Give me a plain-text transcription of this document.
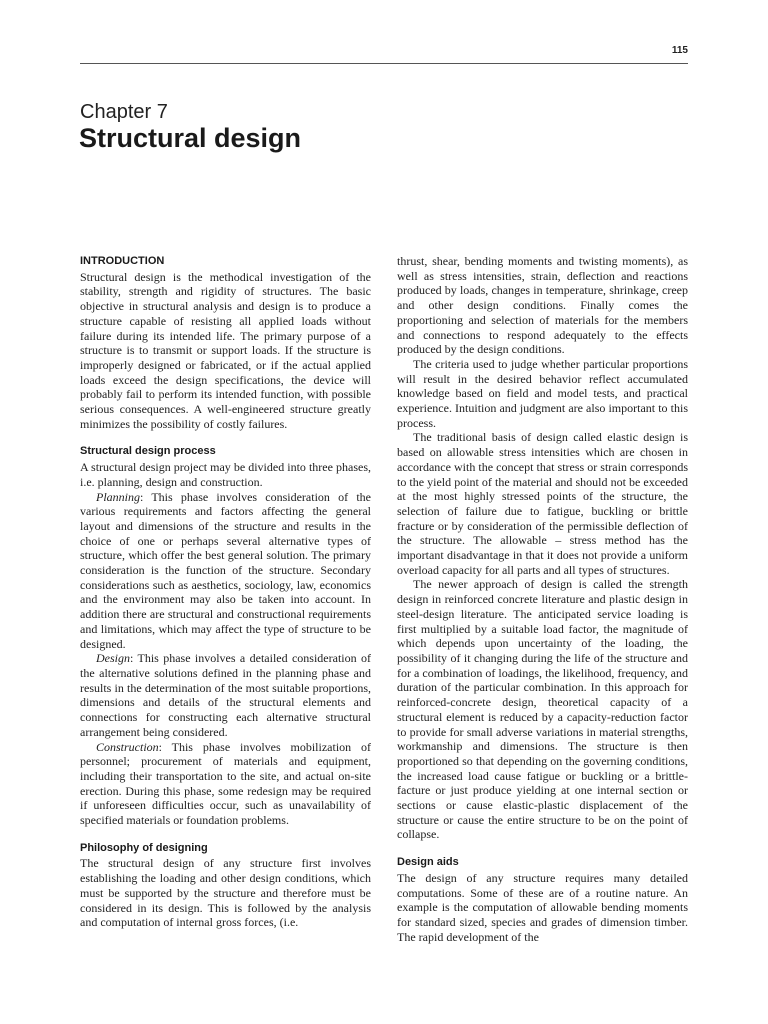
115
Chapter 7
Structural design
INTRODUCTION

Structural design is the methodical investigation of the stability, strength and rigidity of structures. The basic objective in structural analysis and design is to produce a structure capable of resisting all applied loads without failure during its intended life. The primary purpose of a structure is to transmit or support loads. If the structure is improperly designed or fabricated, or if the actual applied loads exceed the design specifications, the device will probably fail to perform its intended function, with possible serious consequences. A well-engineered structure greatly minimizes the possibility of costly failures.

Structural design process

A structural design project may be divided into three phases, i.e. planning, design and construction.

Planning: This phase involves consideration of the various requirements and factors affecting the general layout and dimensions of the structure and results in the choice of one or perhaps several alternative types of structure, which offer the best general solution. The primary consideration is the function of the structure. Secondary considerations such as aesthetics, sociology, law, economics and the environment may also be taken into account. In addition there are structural and constructional requirements and limitations, which may affect the type of structure to be designed.

Design: This phase involves a detailed consideration of the alternative solutions defined in the planning phase and results in the determination of the most suitable proportions, dimensions and details of the structural elements and connections for constructing each alternative structural arrangement being considered.

Construction: This phase involves mobilization of personnel; procurement of materials and equipment, including their transportation to the site, and actual on-site erection. During this phase, some redesign may be required if unforeseen difficulties occur, such as unavailability of specified materials or foundation problems.

Philosophy of designing

The structural design of any structure first involves establishing the loading and other design conditions, which must be supported by the structure and therefore must be considered in its design. This is followed by the analysis and computation of internal gross forces, (i.e.

thrust, shear, bending moments and twisting moments), as well as stress intensities, strain, deflection and reactions produced by loads, changes in temperature, shrinkage, creep and other design conditions. Finally comes the proportioning and selection of materials for the members and connections to respond adequately to the effects produced by the design conditions.

The criteria used to judge whether particular proportions will result in the desired behavior reflect accumulated knowledge based on field and model tests, and practical experience. Intuition and judgment are also important to this process.

The traditional basis of design called elastic design is based on allowable stress intensities which are chosen in accordance with the concept that stress or strain corresponds to the yield point of the material and should not be exceeded at the most highly stressed points of the structure, the selection of failure due to fatigue, buckling or brittle fracture or by consideration of the permissible deflection of the structure. The allowable – stress method has the important disadvantage in that it does not provide a uniform overload capacity for all parts and all types of structures.

The newer approach of design is called the strength design in reinforced concrete literature and plastic design in steel-design literature. The anticipated service loading is first multiplied by a suitable load factor, the magnitude of which depends upon uncertainty of the loading, the possibility of it changing during the life of the structure and for a combination of loadings, the likelihood, frequency, and duration of the particular combination. In this approach for reinforced-concrete design, theoretical capacity of a structural element is reduced by a capacity-reduction factor to provide for small adverse variations in material strengths, workmanship and dimensions. The structure is then proportioned so that depending on the governing conditions, the increased load cause fatigue or buckling or a brittle-facture or just produce yielding at one internal section or sections or cause elastic-plastic displacement of the structure or cause the entire structure to be on the point of collapse.

Design aids

The design of any structure requires many detailed computations. Some of these are of a routine nature. An example is the computation of allowable bending moments for standard sized, species and grades of dimension timber. The rapid development of the
